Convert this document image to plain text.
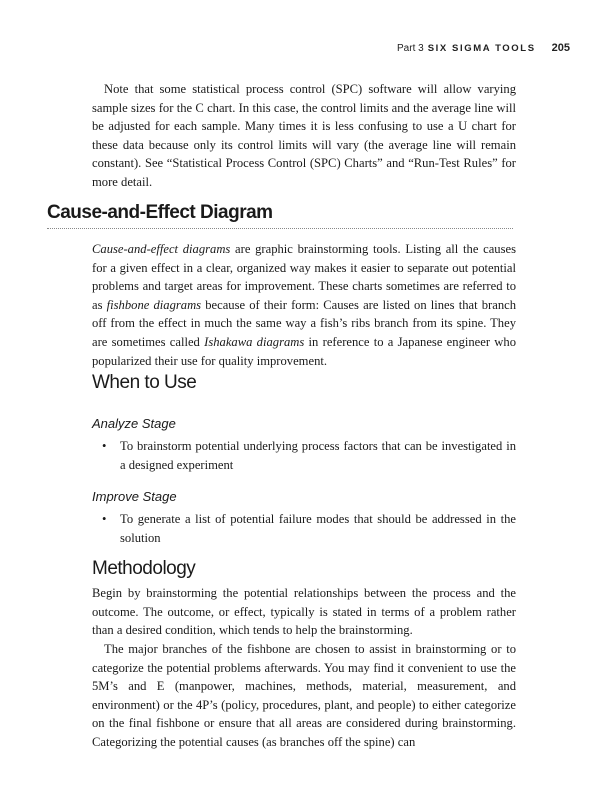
Part 3 SIX SIGMA TOOLS 205

Note that some statistical process control (SPC) software will allow varying sample sizes for the C chart. In this case, the control limits and the average line will be adjusted for each sample. Many times it is less confusing to use a U chart for these data because only its control limits will vary (the average line will remain constant). See “Statistical Process Control (SPC) Charts” and “Run-Test Rules” for more detail.

Cause-and-Effect Diagram

Cause-and-effect diagrams are graphic brainstorming tools. Listing all the causes for a given effect in a clear, organized way makes it easier to separate out potential problems and target areas for improvement. These charts sometimes are referred to as fishbone diagrams because of their form: Causes are listed on lines that branch off from the effect in much the same way a fish’s ribs branch from its spine. They are sometimes called Ishakawa diagrams in reference to a Japanese engineer who popularized their use for quality improvement.

When to Use
Analyze Stage
•	To brainstorm potential underlying process factors that can be investigated in a designed experiment
Improve Stage
•	To generate a list of potential failure modes that should be addressed in the solution
Methodology

Begin by brainstorming the potential relationships between the process and the outcome. The outcome, or effect, typically is stated in terms of a problem rather than a desired condition, which tends to help the brainstorming.

The major branches of the fishbone are chosen to assist in brainstorming or to categorize the potential problems afterwards. You may find it convenient to use the 5M’s and E (manpower, machines, methods, material, measurement, and environment) or the 4P’s (policy, procedures, plant, and people) to either categorize on the final fishbone or ensure that all areas are considered during brainstorming. Categorizing the potential causes (as branches off the spine) can
